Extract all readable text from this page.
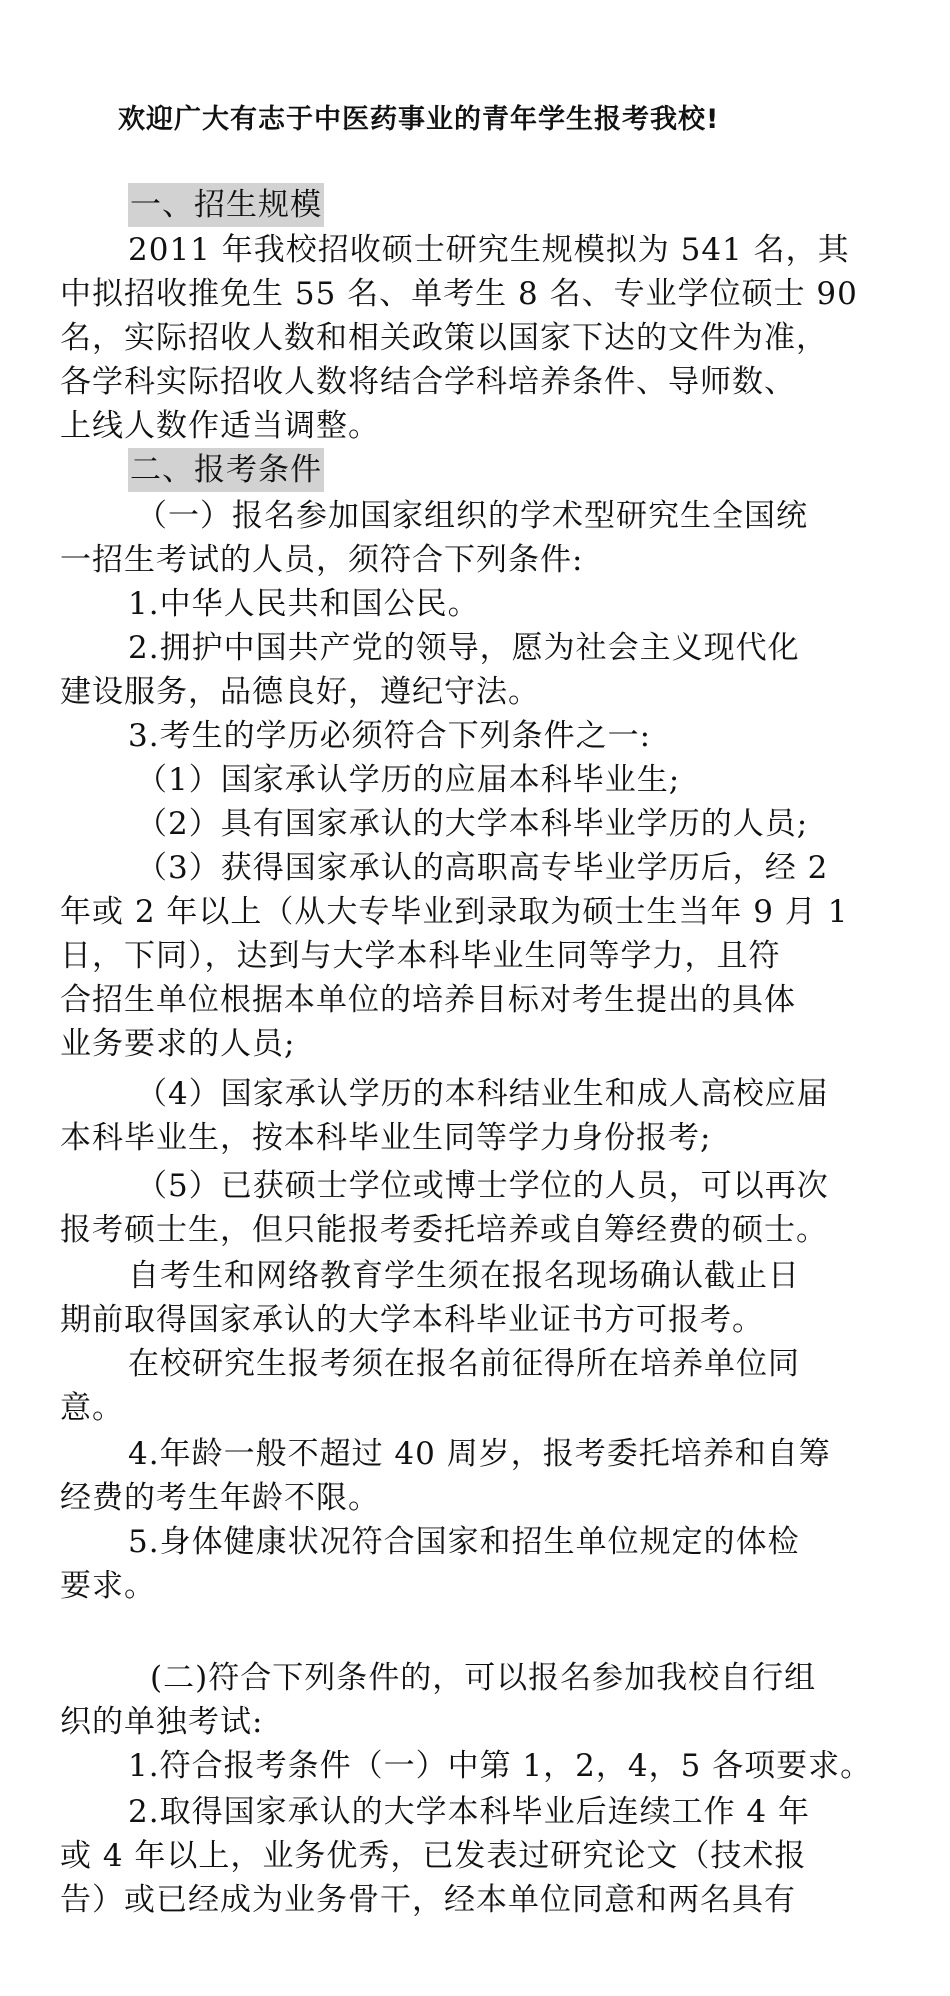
欢迎广大有志于中医药事业的青年学生报考我校!
一、招生规模
2011 年我校招收硕士研究生规模拟为 541 名，其
中拟招收推免生 55 名、单考生 8 名、专业学位硕士 90
名，实际招收人数和相关政策以国家下达的文件为准，
各学科实际招收人数将结合学科培养条件、导师数、
上线人数作适当调整。
二、报考条件
（一）报名参加国家组织的学术型研究生全国统
一招生考试的人员，须符合下列条件:
1.中华人民共和国公民。
2.拥护中国共产党的领导，愿为社会主义现代化
建设服务，品德良好，遵纪守法。
3.考生的学历必须符合下列条件之一:
（1）国家承认学历的应届本科毕业生;
（2）具有国家承认的大学本科毕业学历的人员;
（3）获得国家承认的高职高专毕业学历后，经 2
年或 2 年以上（从大专毕业到录取为硕士生当年 9 月 1
日，下同），达到与大学本科毕业生同等学力，且符
合招生单位根据本单位的培养目标对考生提出的具体
业务要求的人员;
（4）国家承认学历的本科结业生和成人高校应届
本科毕业生，按本科毕业生同等学力身份报考;
（5）已获硕士学位或博士学位的人员，可以再次
报考硕士生，但只能报考委托培养或自筹经费的硕士。
自考生和网络教育学生须在报名现场确认截止日
期前取得国家承认的大学本科毕业证书方可报考。
在校研究生报考须在报名前征得所在培养单位同
意。
4.年龄一般不超过 40 周岁，报考委托培养和自筹
经费的考生年龄不限。
5.身体健康状况符合国家和招生单位规定的体检
要求。
(二)符合下列条件的，可以报名参加我校自行组
织的单独考试:
1.符合报考条件（一）中第 1，2，4，5 各项要求。
2.取得国家承认的大学本科毕业后连续工作 4 年
或 4 年以上，业务优秀，已发表过研究论文（技术报
告）或已经成为业务骨干，经本单位同意和两名具有
